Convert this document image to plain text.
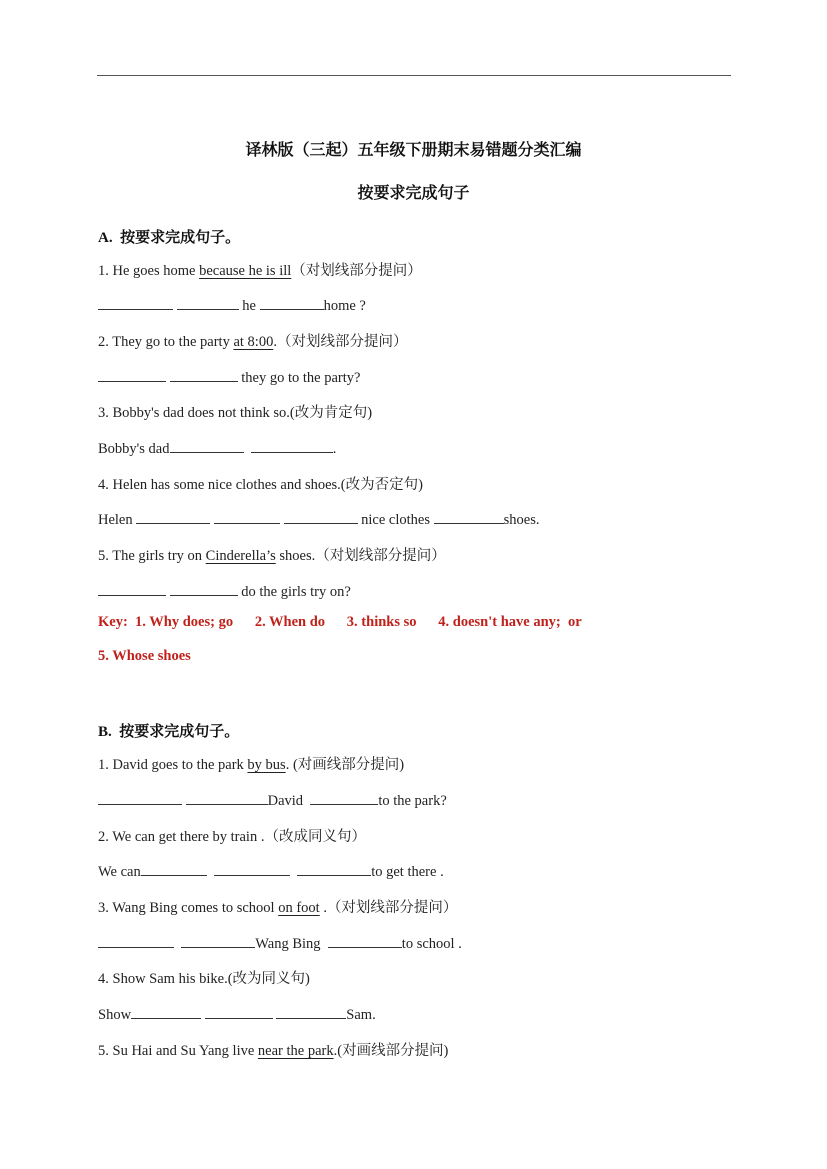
译林版（三起）五年级下册期末易错题分类汇编
按要求完成句子
A.  按要求完成句子。
1. He goes home because he is ill（对划线部分提问）
he	home ?
2. They go to the party at 8:00.（对划线部分提问）
they go to the party?
3. Bobby's dad does not think so.(改为肯定句)
Bobby's dad	.
4. Helen has some nice clothes and shoes.(改为否定句)
Helen	nice clothes	shoes.
5. The girls try on Cinderella’s shoes.（对划线部分提问）
do the girls try on?
Key:  1. Why does; go      2. When do      3. thinks so      4. doesn't have any;  or
5. Whose shoes
B.  按要求完成句子。
1. David goes to the park by bus. (对画线部分提问)
David	to the park?
2. We can get there by train .（改成同义句）
We can	to get there .
3. Wang Bing comes to school on foot .（对划线部分提问）
Wang Bing	to school .
4. Show Sam his bike.(改为同义句)
Show	Sam.
5. Su Hai and Su Yang live near the park.(对画线部分提问)
